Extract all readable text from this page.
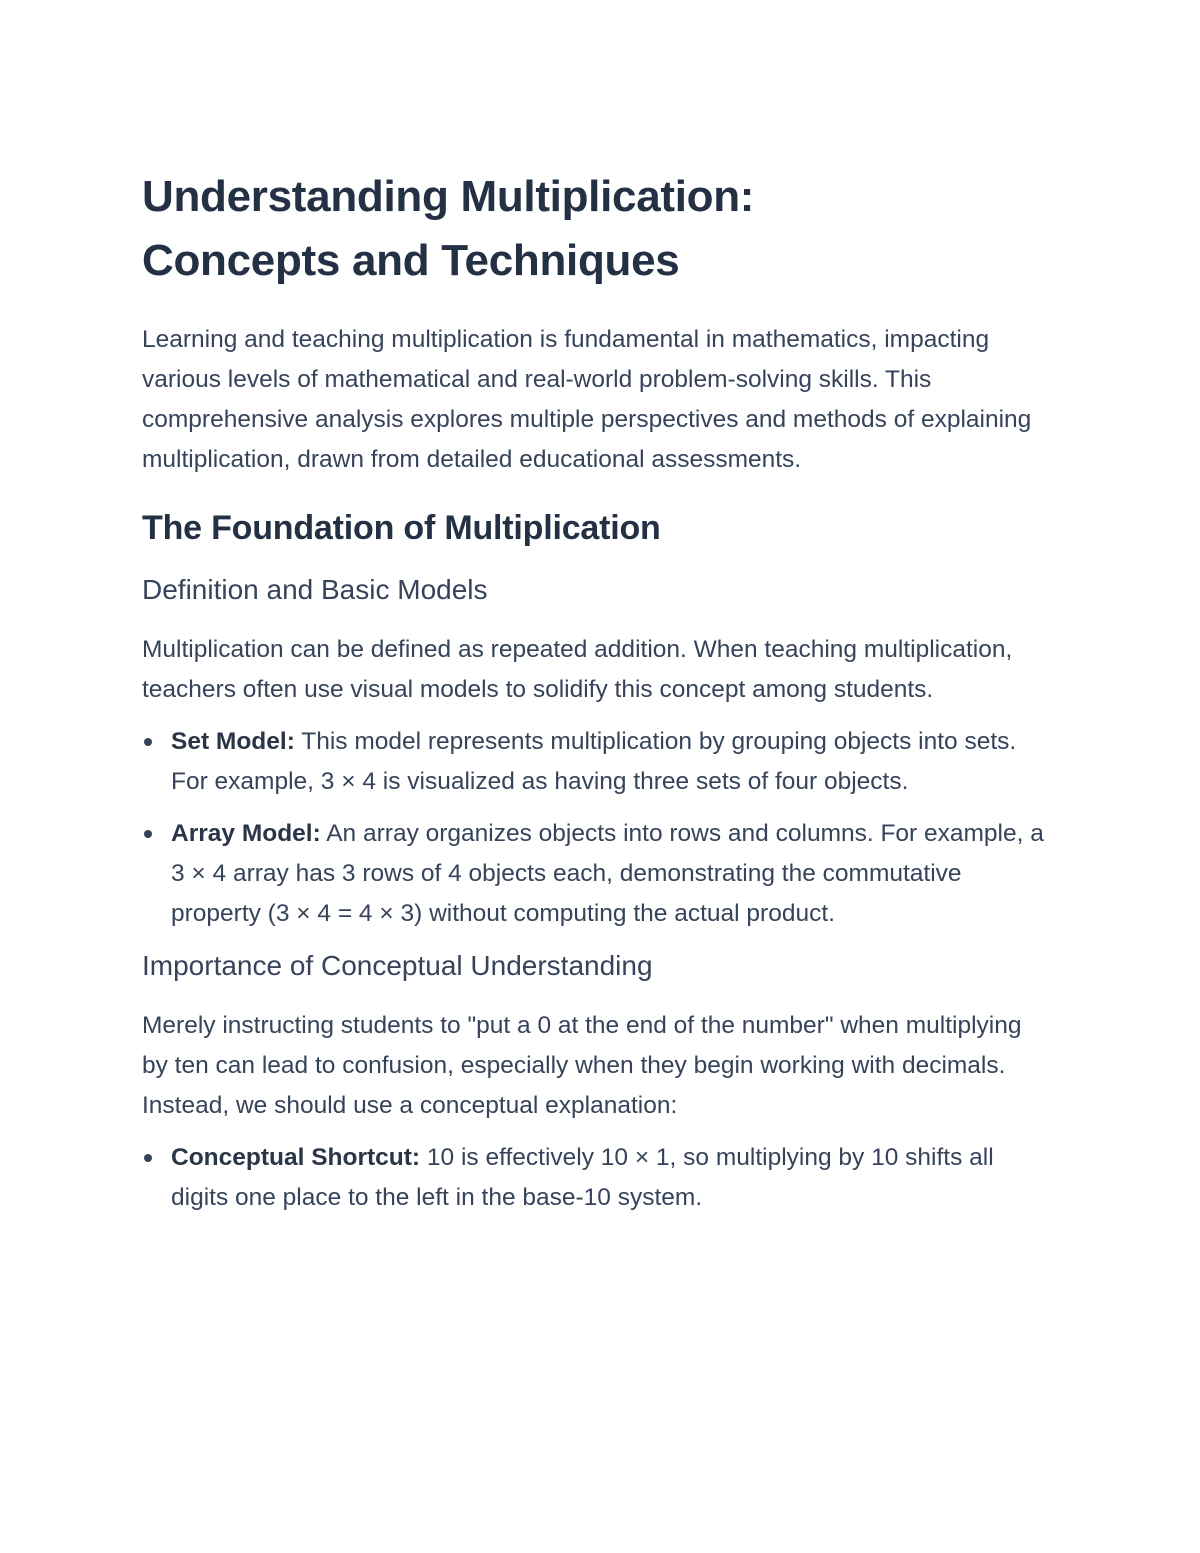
Understanding Multiplication:
Concepts and Techniques

Learning and teaching multiplication is fundamental in mathematics, impacting various levels of mathematical and real-world problem-solving skills. This comprehensive analysis explores multiple perspectives and methods of explaining multiplication, drawn from detailed educational assessments.

The Foundation of Multiplication
Definition and Basic Models

Multiplication can be defined as repeated addition. When teaching multiplication, teachers often use visual models to solidify this concept among students.

Set Model: This model represents multiplication by grouping objects into sets. For example, 3 × 4 is visualized as having three sets of four objects.
Array Model: An array organizes objects into rows and columns. For example, a 3 × 4 array has 3 rows of 4 objects each, demonstrating the commutative property (3 × 4 = 4 × 3) without computing the actual product.
Importance of Conceptual Understanding

Merely instructing students to "put a 0 at the end of the number" when multiplying by ten can lead to confusion, especially when they begin working with decimals. Instead, we should use a conceptual explanation:

Conceptual Shortcut: 10 is effectively 10 × 1, so multiplying by 10 shifts all digits one place to the left in the base-10 system.
